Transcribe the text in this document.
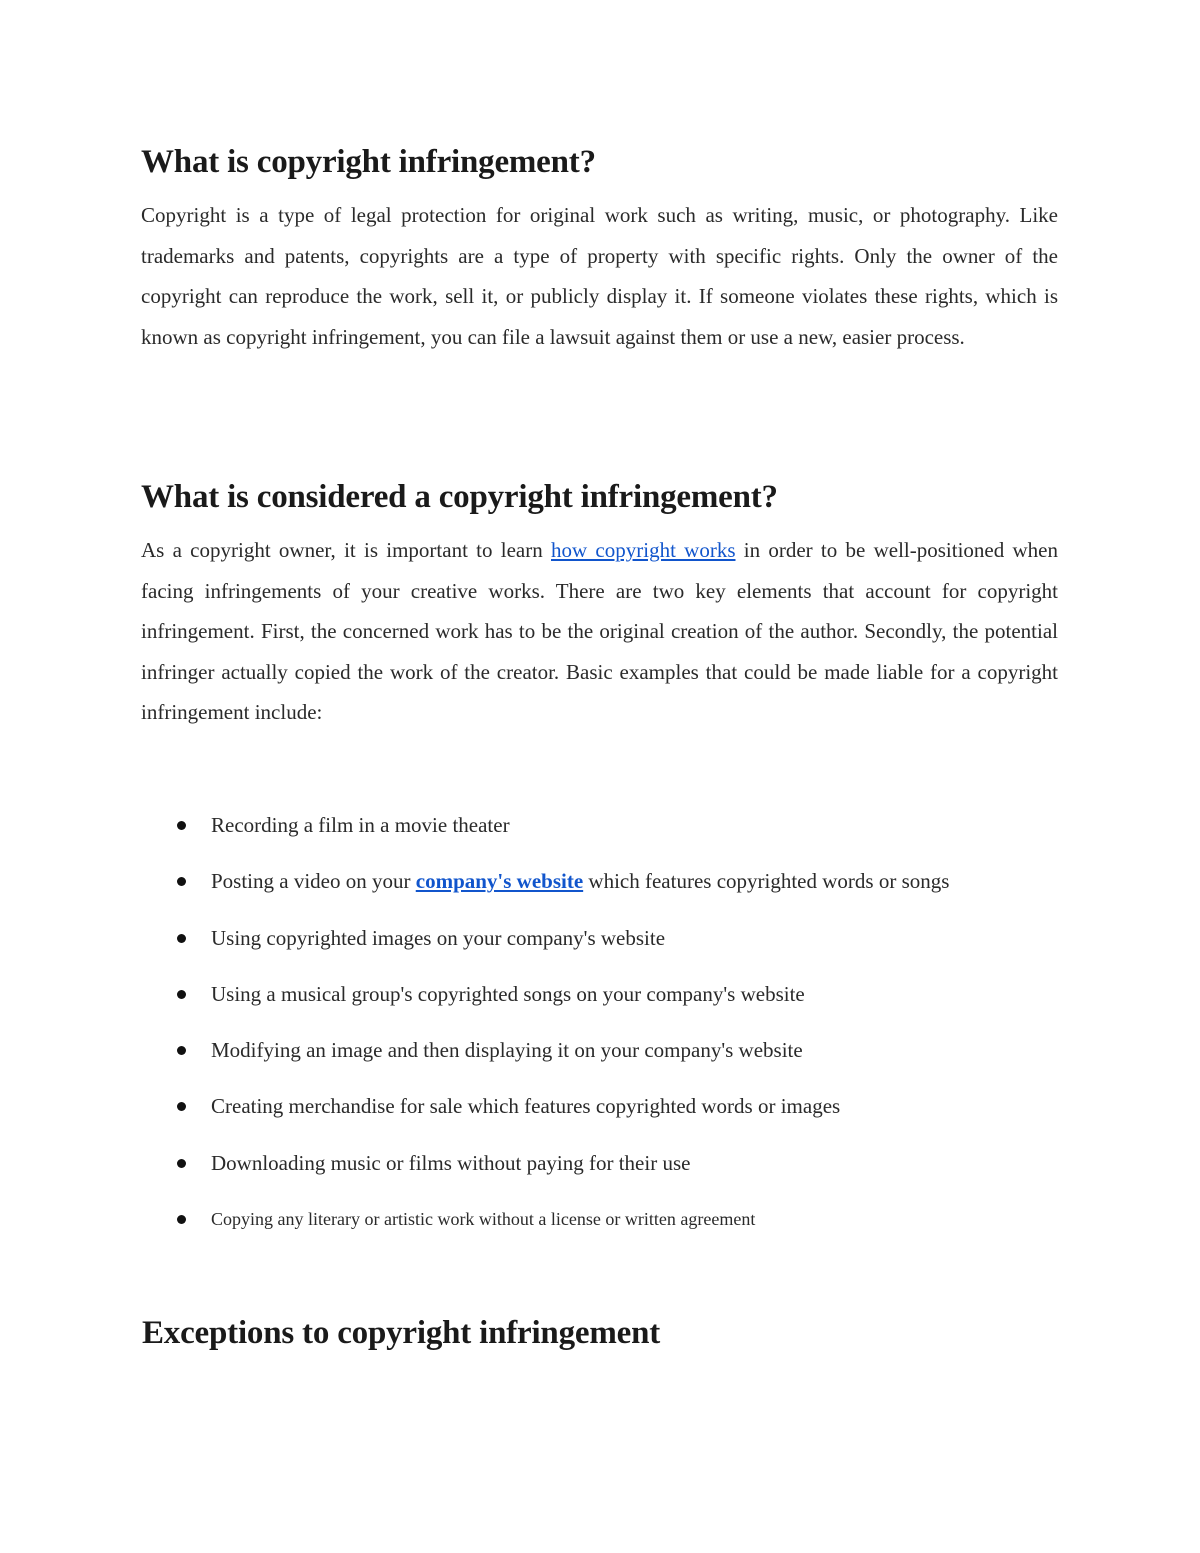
What is copyright infringement?

Copyright is a type of legal protection for original work such as writing, music, or photography. Like trademarks and patents, copyrights are a type of property with specific rights. Only the owner of the copyright can reproduce the work, sell it, or publicly display it. If someone violates these rights, which is known as copyright infringement, you can file a lawsuit against them or use a new, easier process.

What is considered a copyright infringement?

As a copyright owner, it is important to learn how copyright works in order to be well-positioned when facing infringements of your creative works. There are two key elements that account for copyright infringement. First, the concerned work has to be the original creation of the author. Secondly, the potential infringer actually copied the work of the creator. Basic examples that could be made liable for a copyright infringement include:

Recording a film in a movie theater
Posting a video on your company's website which features copyrighted words or songs
Using copyrighted images on your company's website
Using a musical group's copyrighted songs on your company's website
Modifying an image and then displaying it on your company's website
Creating merchandise for sale which features copyrighted words or images
Downloading music or films without paying for their use
Copying any literary or artistic work without a license or written agreement
Exceptions to copyright infringement
